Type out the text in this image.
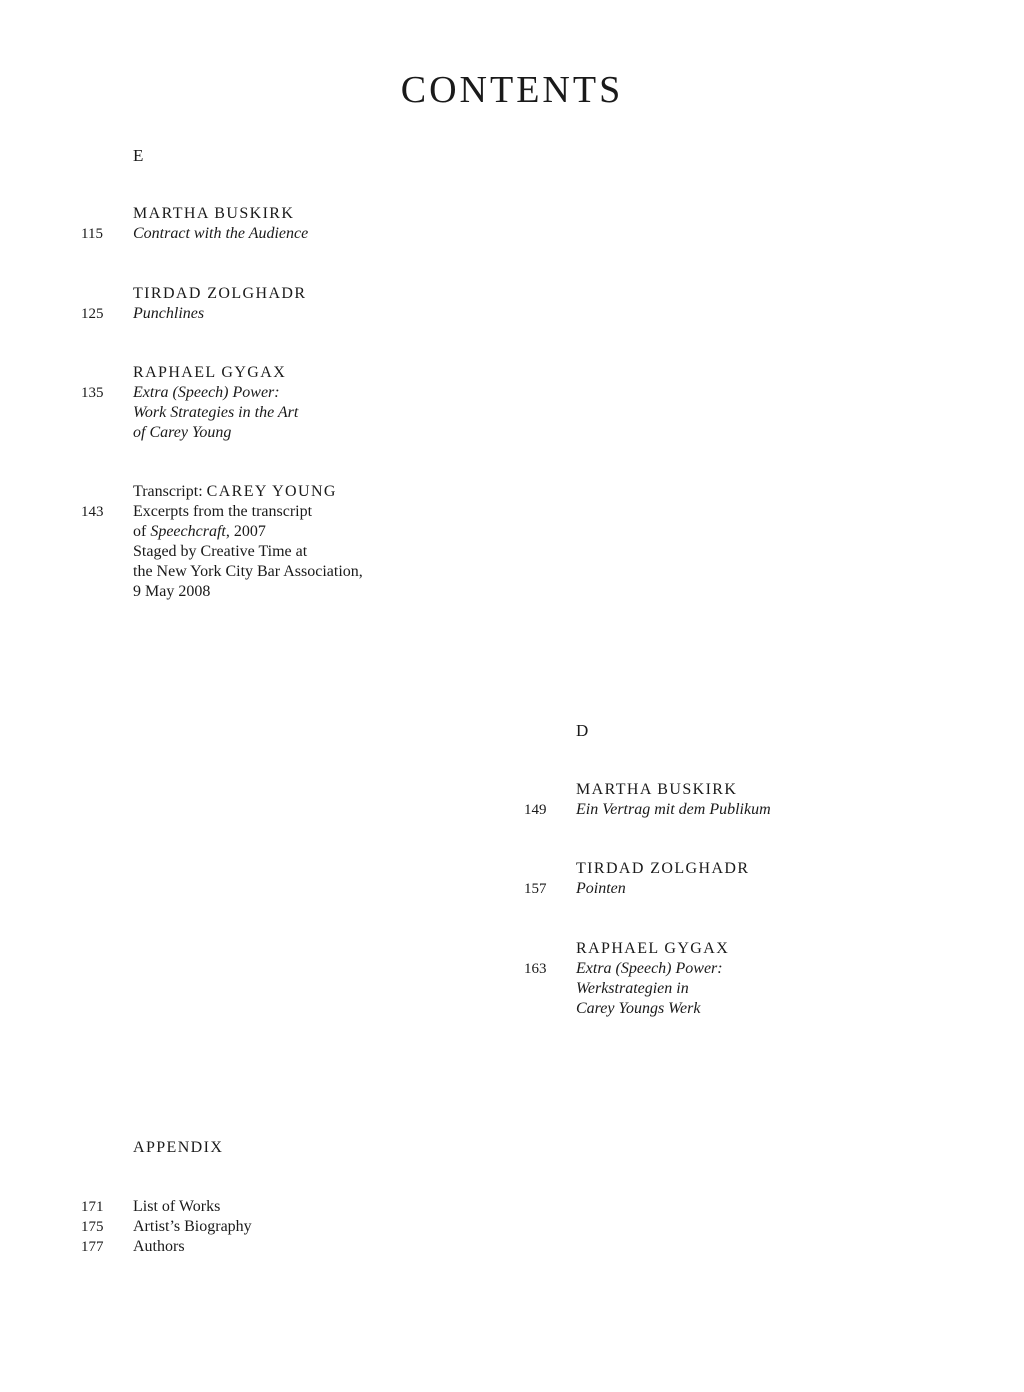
CONTENTS
E
MARTHA BUSKIRK
115 Contract with the Audience
TIRDAD ZOLGHADR
125 Punchlines
RAPHAEL GYGAX
135 Extra (Speech) Power:
Work Strategies in the Art
of Carey Young
Transcript: CAREY YOUNG
143 Excerpts from the transcript
of Speechcraft, 2007
Staged by Creative Time at
the New York City Bar Association,
9 May 2008
D
MARTHA BUSKIRK
149 Ein Vertrag mit dem Publikum
TIRDAD ZOLGHADR
157 Pointen
RAPHAEL GYGAX
163 Extra (Speech) Power:
Werkstrategien in
Carey Youngs Werk
APPENDIX
171 List of Works
175 Artist’s Biography
177 Authors
